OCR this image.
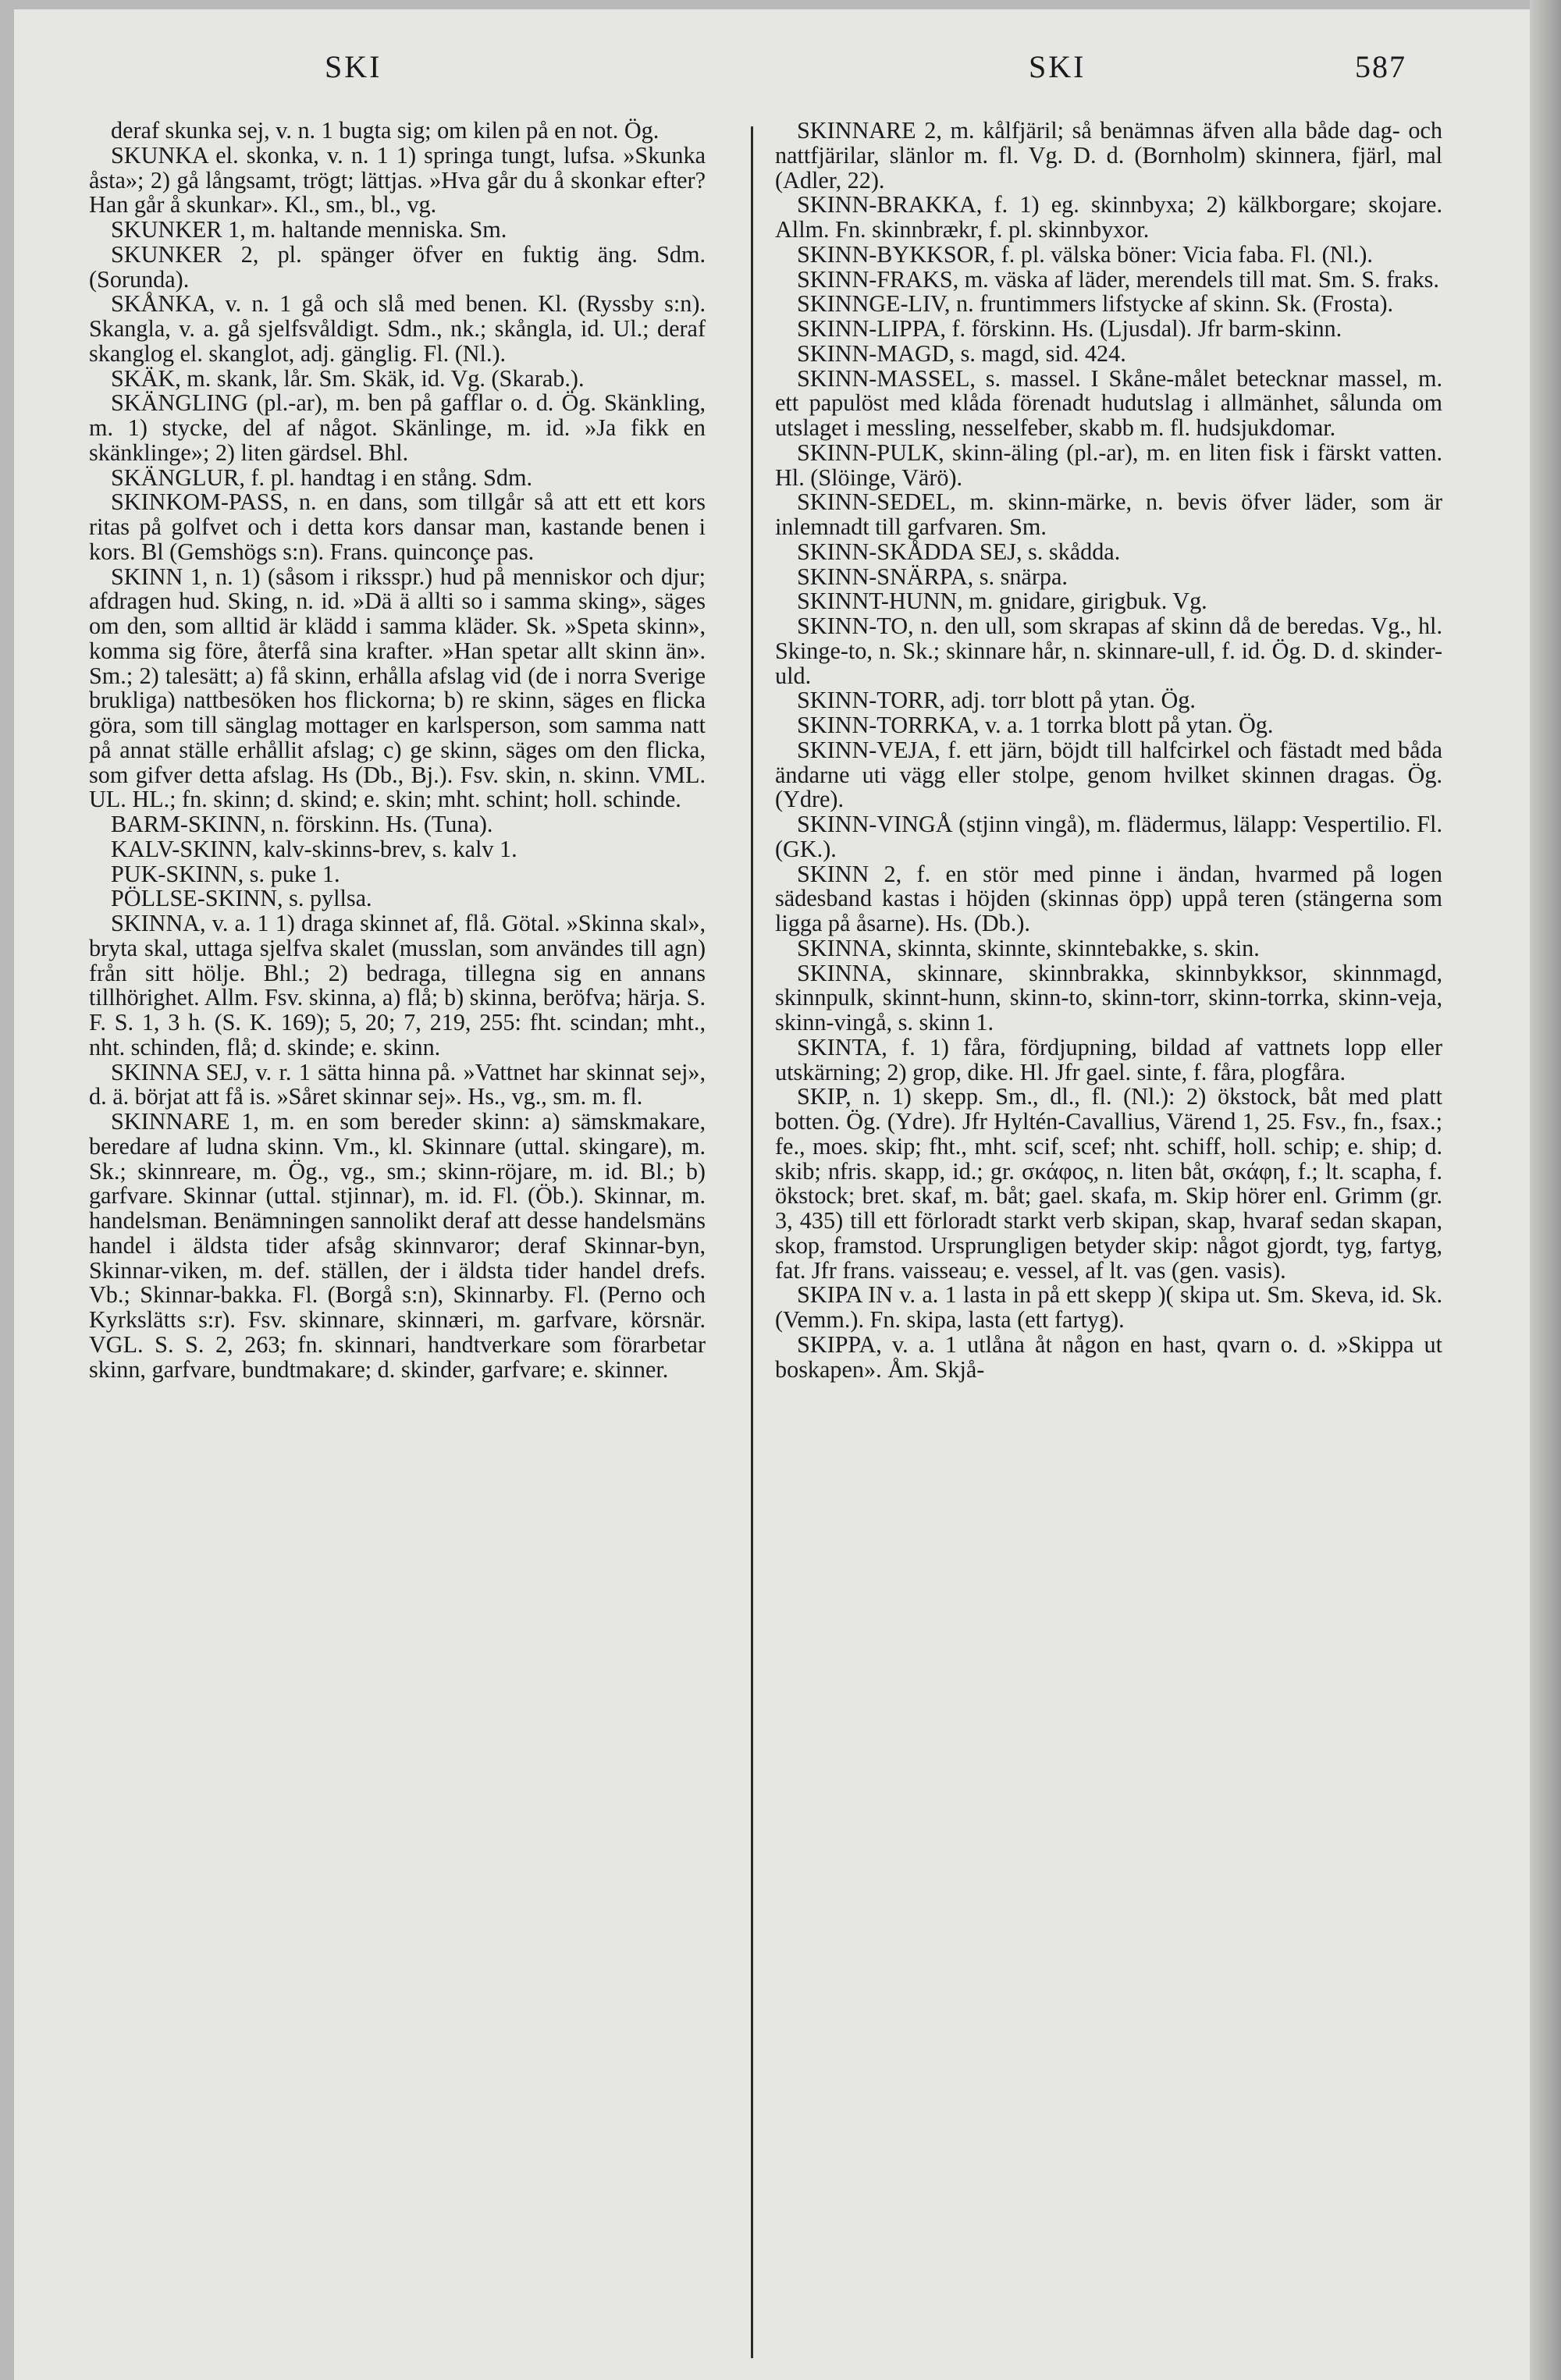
SKI	SKI	587

deraf skunka sej, v. n. 1 bugta sig; om kilen på en not. Ög.

SKUNKA el. skonka, v. n. 1 1) springa tungt, lufsa. »Skunka åsta»; 2) gå långsamt, trögt; lättjas. »Hva går du å skonkar efter? Han går å skunkar». Kl., sm., bl., vg.

SKUNKER 1, m. haltande menniska. Sm.

SKUNKER 2, pl. spänger öfver en fuktig äng. Sdm. (Sorunda).

SKÅNKA, v. n. 1 gå och slå med benen. Kl. (Ryssby s:n). Skangla, v. a. gå sjelfsvåldigt. Sdm., nk.; skångla, id. Ul.; deraf skanglog el. skanglot, adj. gänglig. Fl. (Nl.).

SKÄK, m. skank, lår. Sm. Skäk, id. Vg. (Skarab.).

SKÄNGLING (pl.-ar), m. ben på gafflar o. d. Ög. Skänkling, m. 1) stycke, del af något. Skänlinge, m. id. »Ja fikk en skänklinge»; 2) liten gärdsel. Bhl.

SKÄNGLUR, f. pl. handtag i en stång. Sdm.

SKINKOM-PASS, n. en dans, som tillgår så att ett ett kors ritas på golfvet och i detta kors dansar man, kastande benen i kors. Bl (Gemshögs s:n). Frans. quinconçe pas.

SKINN 1, n. 1) (såsom i riksspr.) hud på menniskor och djur; afdragen hud. Sking, n. id. »Dä ä allti so i samma sking», säges om den, som alltid är klädd i samma kläder. Sk. »Speta skinn», komma sig före, återfå sina krafter. »Han spetar allt skinn än». Sm.; 2) talesätt; a) få skinn, erhålla afslag vid (de i norra Sverige brukliga) nattbesöken hos flickorna; b) re skinn, säges en flicka göra, som till sänglag mottager en karlsperson, som samma natt på annat ställe erhållit afslag; c) ge skinn, säges om den flicka, som gifver detta afslag. Hs (Db., Bj.). Fsv. skin, n. skinn. VML. UL. HL.; fn. skinn; d. skind; e. skin; mht. schint; holl. schinde.

BARM-SKINN, n. förskinn. Hs. (Tuna).

KALV-SKINN, kalv-skinns-brev, s. kalv 1.

PUK-SKINN, s. puke 1.

PÖLLSE-SKINN, s. pyllsa.

SKINNA, v. a. 1 1) draga skinnet af, flå. Götal. »Skinna skal», bryta skal, uttaga sjelfva skalet (musslan, som användes till agn) från sitt hölje. Bhl.; 2) bedraga, tillegna sig en annans tillhörighet. Allm. Fsv. skinna, a) flå; b) skinna, beröfva; härja. S. F. S. 1, 3 h. (S. K. 169); 5, 20; 7, 219, 255: fht. scindan; mht., nht. schinden, flå; d. skinde; e. skinn.

SKINNA SEJ, v. r. 1 sätta hinna på. »Vattnet har skinnat sej», d. ä. börjat att få is. »Såret skinnar sej». Hs., vg., sm. m. fl.

SKINNARE 1, m. en som bereder skinn: a) sämskmakare, beredare af ludna skinn. Vm., kl. Skinnare (uttal. skingare), m. Sk.; skinnreare, m. Ög., vg., sm.; skinn-röjare, m. id. Bl.; b) garfvare. Skinnar (uttal. stjinnar), m. id. Fl. (Öb.). Skinnar, m. handelsman. Benämningen sannolikt deraf att desse handelsmäns handel i äldsta tider afsåg skinnvaror; deraf Skinnar-byn, Skinnar-viken, m. def. ställen, der i äldsta tider handel drefs. Vb.; Skinnar-bakka. Fl. (Borgå s:n), Skinnarby. Fl. (Perno och Kyrkslätts s:r). Fsv. skinnare, skinnæri, m. garfvare, körsnär. VGL. S. S. 2, 263; fn. skinnari, handtverkare som förarbetar skinn, garfvare, bundtmakare; d. skinder, garfvare; e. skinner.

SKINNARE 2, m. kålfjäril; så benämnas äfven alla både dag- och nattfjärilar, slänlor m. fl. Vg. D. d. (Bornholm) skinnera, fjärl, mal (Adler, 22).

SKINN-BRAKKA, f. 1) eg. skinnbyxa; 2) kälkborgare; skojare. Allm. Fn. skinnbrækr, f. pl. skinnbyxor.

SKINN-BYKKSOR, f. pl. välska böner: Vicia faba. Fl. (Nl.).

SKINN-FRAKS, m. väska af läder, merendels till mat. Sm. S. fraks.

SKINNGE-LIV, n. fruntimmers lifstycke af skinn. Sk. (Frosta).

SKINN-LIPPA, f. förskinn. Hs. (Ljusdal). Jfr barm-skinn.

SKINN-MAGD, s. magd, sid. 424.

SKINN-MASSEL, s. massel. I Skåne-målet betecknar massel, m. ett papulöst med klåda förenadt hudutslag i allmänhet, sålunda om utslaget i messling, nesselfeber, skabb m. fl. hudsjukdomar.

SKINN-PULK, skinn-äling (pl.-ar), m. en liten fisk i färskt vatten. Hl. (Slöinge, Värö).

SKINN-SEDEL, m. skinn-märke, n. bevis öfver läder, som är inlemnadt till garfvaren. Sm.

SKINN-SKÅDDA SEJ, s. skådda.

SKINN-SNÄRPA, s. snärpa.

SKINNT-HUNN, m. gnidare, girigbuk. Vg.

SKINN-TO, n. den ull, som skrapas af skinn då de beredas. Vg., hl. Skinge-to, n. Sk.; skinnare hår, n. skinnare-ull, f. id. Ög. D. d. skinder-uld.

SKINN-TORR, adj. torr blott på ytan. Ög.

SKINN-TORRKA, v. a. 1 torrka blott på ytan. Ög.

SKINN-VEJA, f. ett järn, böjdt till halfcirkel och fästadt med båda ändarne uti vägg eller stolpe, genom hvilket skinnen dragas. Ög. (Ydre).

SKINN-VINGÅ (stjinn vingå), m. flädermus, lälapp: Vespertilio. Fl. (GK.).

SKINN 2, f. en stör med pinne i ändan, hvarmed på logen sädesband kastas i höjden (skinnas öpp) uppå teren (stängerna som ligga på åsarne). Hs. (Db.).

SKINNA, skinnta, skinnte, skinntebakke, s. skin.

SKINNA, skinnare, skinnbrakka, skinnbykksor, skinnmagd, skinnpulk, skinnt-hunn, skinn-to, skinn-torr, skinn-torrka, skinn-veja, skinn-vingå, s. skinn 1.

SKINTA, f. 1) fåra, fördjupning, bildad af vattnets lopp eller utskärning; 2) grop, dike. Hl. Jfr gael. sinte, f. fåra, plogfåra.

SKIP, n. 1) skepp. Sm., dl., fl. (Nl.): 2) ökstock, båt med platt botten. Ög. (Ydre). Jfr Hyltén-Cavallius, Värend 1, 25. Fsv., fn., fsax.; fe., moes. skip; fht., mht. scif, scef; nht. schiff, holl. schip; e. ship; d. skib; nfris. skapp, id.; gr. σκάφος, n. liten båt, σκάφη, f.; lt. scapha, f. ökstock; bret. skaf, m. båt; gael. skafa, m. Skip hörer enl. Grimm (gr. 3, 435) till ett förloradt starkt verb skipan, skap, hvaraf sedan skapan, skop, framstod. Ursprungligen betyder skip: något gjordt, tyg, fartyg, fat. Jfr frans. vaisseau; e. vessel, af lt. vas (gen. vasis).

SKIPA IN v. a. 1 lasta in på ett skepp )( skipa ut. Sm. Skeva, id. Sk. (Vemm.). Fn. skipa, lasta (ett fartyg).

SKIPPA, v. a. 1 utlåna åt någon en hast, qvarn o. d. »Skippa ut boskapen». Åm. Skjå-
